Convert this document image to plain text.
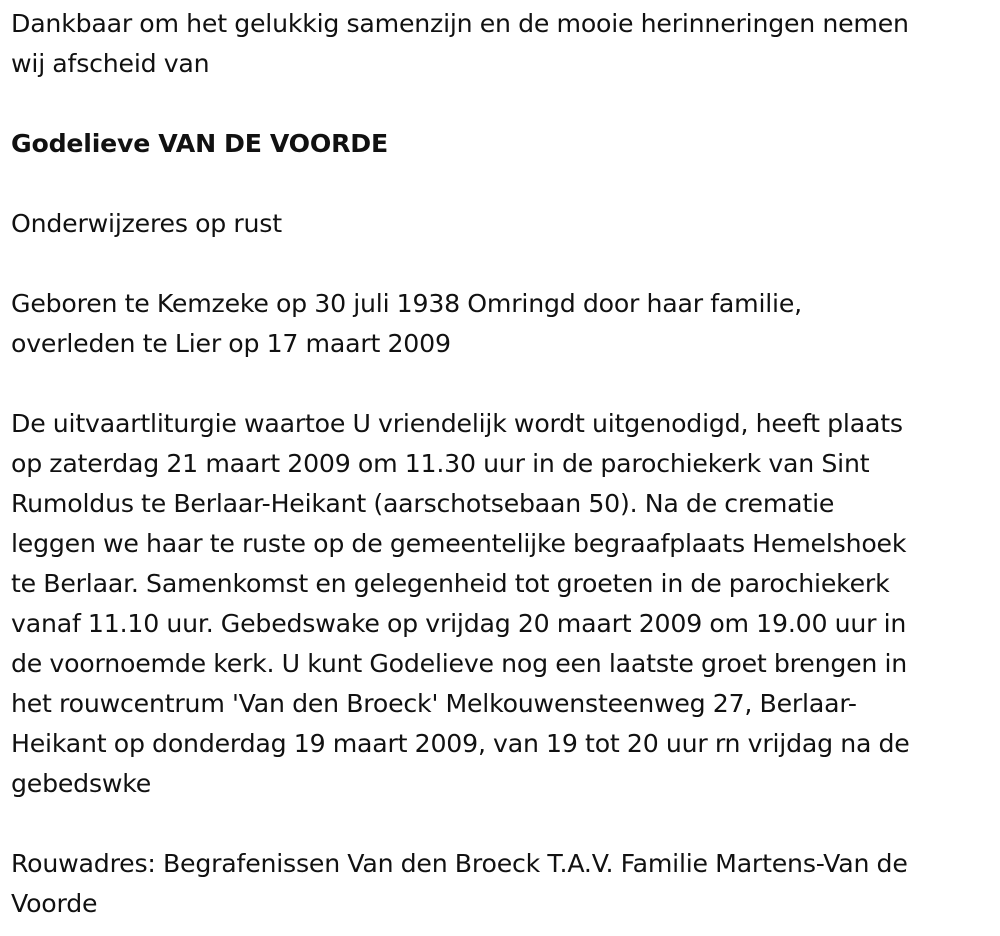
Dankbaar om het gelukkig samenzijn en de mooie herinneringen nemen
wij afscheid van

Godelieve VAN DE VOORDE

Onderwijzeres op rust

Geboren te Kemzeke op 30 juli 1938 Omringd door haar familie,
overleden te Lier op 17 maart 2009

De uitvaartliturgie waartoe U vriendelijk wordt uitgenodigd, heeft plaats
op zaterdag 21 maart 2009 om 11.30 uur in de parochiekerk van Sint
Rumoldus te Berlaar-Heikant (aarschotsebaan 50). Na de crematie
leggen we haar te ruste op de gemeentelijke begraafplaats Hemelshoek
te Berlaar. Samenkomst en gelegenheid tot groeten in de parochiekerk
vanaf 11.10 uur. Gebedswake op vrijdag 20 maart 2009 om 19.00 uur in
de voornoemde kerk. U kunt Godelieve nog een laatste groet brengen in
het rouwcentrum 'Van den Broeck' Melkouwensteenweg 27, Berlaar-
Heikant op donderdag 19 maart 2009, van 19 tot 20 uur rn vrijdag na de
gebedswke

Rouwadres: Begrafenissen Van den Broeck T.A.V. Familie Martens-Van de
Voorde
